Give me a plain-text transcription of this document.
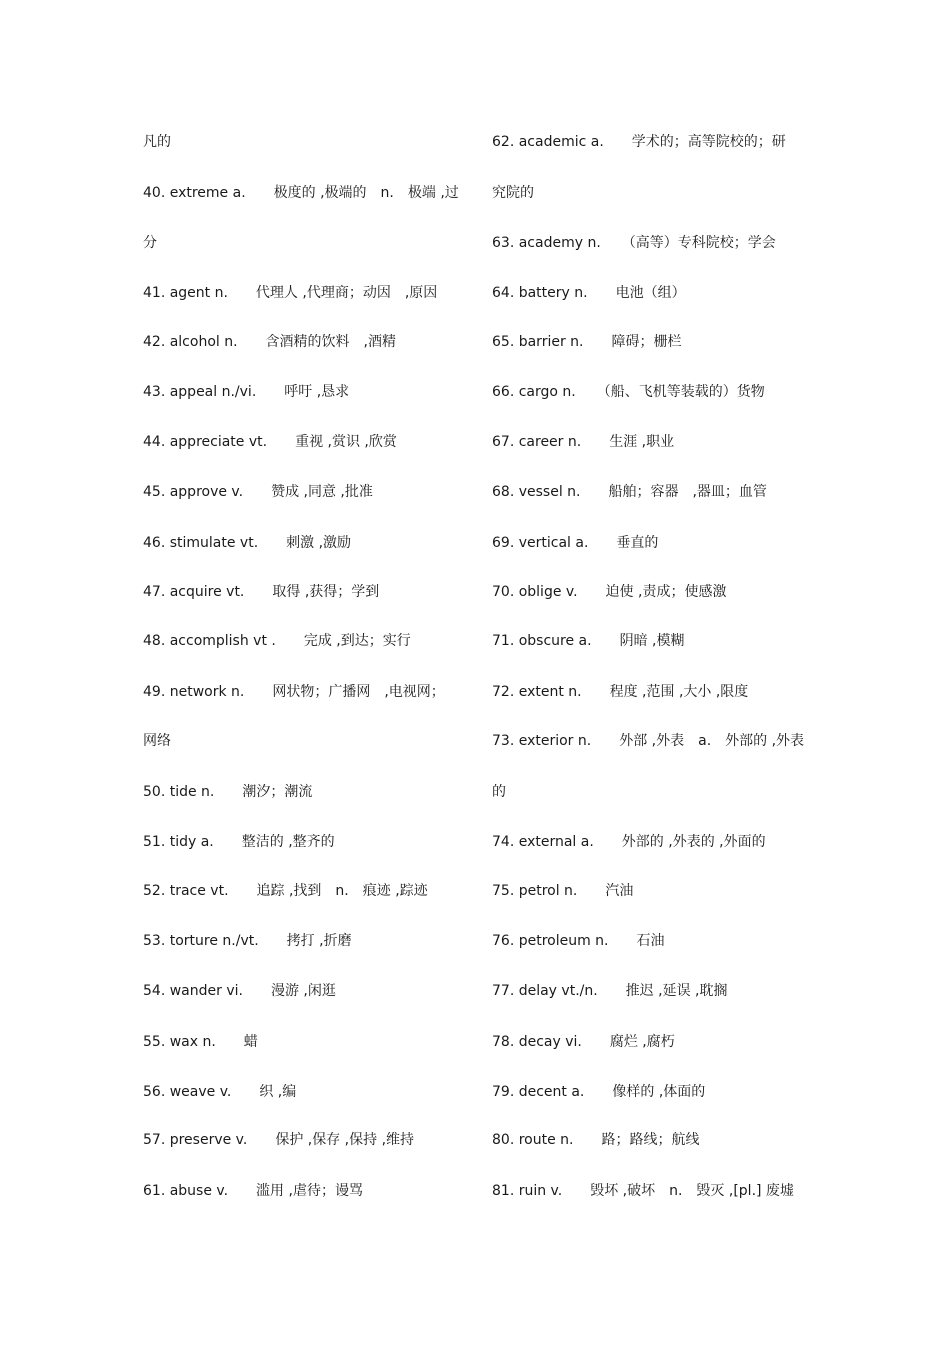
凡的
40. extreme a.　　极度的 ,极端的　n.　极端 ,过
分
41. agent n.　　代理人 ,代理商；动因　,原因
42. alcohol n.　　含酒精的饮料　,酒精
43. appeal n./vi.　　呼吁 ,恳求
44. appreciate vt.　　重视 ,赏识 ,欣赏
45. approve v.　　赞成 ,同意 ,批准
46. stimulate vt.　　刺激 ,激励
47. acquire vt.　　取得 ,获得；学到
48. accomplish vt .　　完成 ,到达；实行
49. network n.　　网状物；广播网　,电视网；
网络
50. tide n.　　潮汐；潮流
51. tidy a.　　整洁的 ,整齐的
52. trace vt.　　追踪 ,找到　n.　痕迹 ,踪迹
53. torture n./vt.　　拷打 ,折磨
54. wander vi.　　漫游 ,闲逛
55. wax n.　　蜡
56. weave v.　　织 ,编
57. preserve v.　　保护 ,保存 ,保持 ,维持
61. abuse v.　　滥用 ,虐待；谩骂
62. academic a.　　学术的；高等院校的；研
究院的
63. academy n.　　（高等）专科院校；学会
64. battery n.　　电池（组）
65. barrier n.　　障碍；栅栏
66. cargo n.　　（船、飞机等装载的）货物
67. career n.　　生涯 ,职业
68. vessel n.　　船舶；容器　,器皿；血管
69. vertical a.　　垂直的
70. oblige v.　　迫使 ,责成；使感激
71. obscure a.　　阴暗 ,模糊
72. extent n.　　程度 ,范围 ,大小 ,限度
73. exterior n.　　外部 ,外表　a.　外部的 ,外表
的
74. external a.　　外部的 ,外表的 ,外面的
75. petrol n.　　汽油
76. petroleum n.　　石油
77. delay vt./n.　　推迟 ,延误 ,耽搁
78. decay vi.　　腐烂 ,腐朽
79. decent a.　　像样的 ,体面的
80. route n.　　路；路线；航线
81. ruin v.　　毁坏 ,破坏　n.　毁灭 ,[pl.] 废墟
